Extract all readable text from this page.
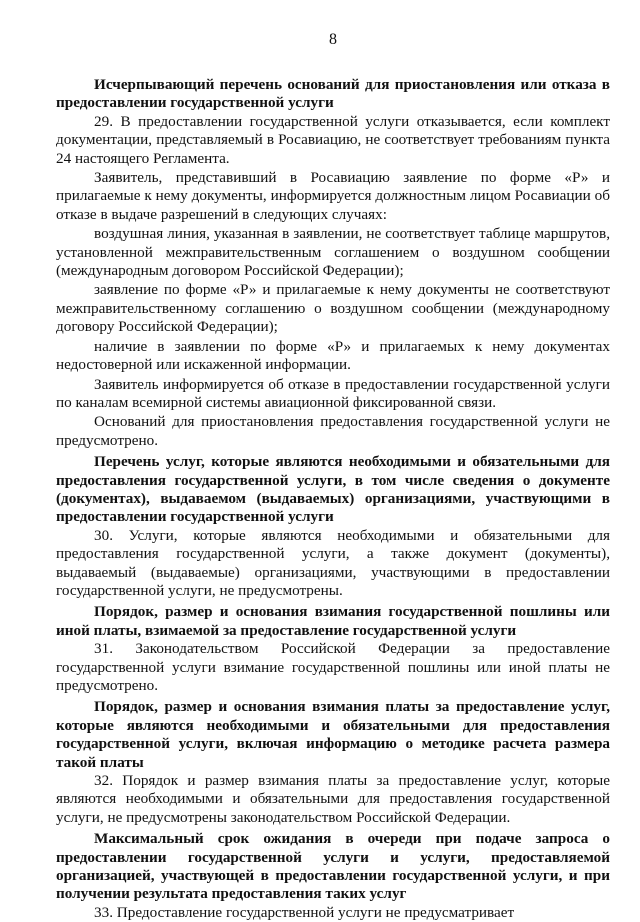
8

Исчерпывающий перечень оснований для приостановления или отказа в предоставлении государственной услуги

29. В предоставлении государственной услуги отказывается, если комплект документации, представляемый в Росавиацию, не соответствует требованиям пункта 24 настоящего Регламента.

Заявитель, представивший в Росавиацию заявление по форме «Р» и прилагаемые к нему документы, информируется должностным лицом Росавиации об отказе в выдаче разрешений в следующих случаях:

воздушная линия, указанная в заявлении, не соответствует таблице маршрутов, установленной межправительственным соглашением о воздушном сообщении (международным договором Российской Федерации);

заявление по форме «Р» и прилагаемые к нему документы не соответствуют межправительственному соглашению о воздушном сообщении (международному договору Российской Федерации);

наличие в заявлении по форме «Р» и прилагаемых к нему документах недостоверной или искаженной информации.

Заявитель информируется об отказе в предоставлении государственной услуги по каналам всемирной системы авиационной фиксированной связи.

Оснований для приостановления предоставления государственной услуги не предусмотрено.

Перечень услуг, которые являются необходимыми и обязательными для предоставления государственной услуги, в том числе сведения о документе (документах), выдаваемом (выдаваемых) организациями, участвующими в предоставлении государственной услуги

30. Услуги, которые являются необходимыми и обязательными для предоставления государственной услуги, а также документ (документы), выдаваемый (выдаваемые) организациями, участвующими в предоставлении государственной услуги, не предусмотрены.

Порядок, размер и основания взимания государственной пошлины или иной платы, взимаемой за предоставление государственной услуги

31. Законодательством Российской Федерации за предоставление государственной услуги взимание государственной пошлины или иной платы не предусмотрено.

Порядок, размер и основания взимания платы за предоставление услуг, которые являются необходимыми и обязательными для предоставления государственной услуги, включая информацию о методике расчета размера такой платы

32. Порядок и размер взимания платы за предоставление услуг, которые являются необходимыми и обязательными для предоставления государственной услуги, не предусмотрены законодательством Российской Федерации.

Максимальный срок ожидания в очереди при подаче запроса о предоставлении государственной услуги и услуги, предоставляемой организацией, участвующей в предоставлении государственной услуги, и при получении результата предоставления таких услуг

33. Предоставление государственной услуги не предусматривает
